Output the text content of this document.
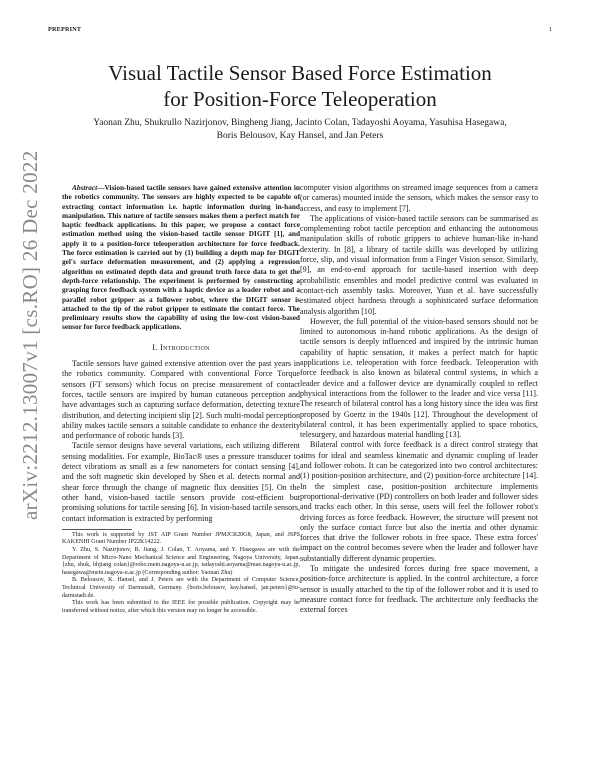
PREPRINT	1
arXiv:2212.13007v1 [cs.RO] 26 Dec 2022
Visual Tactile Sensor Based Force Estimation
for Position-Force Teleoperation
Yaonan Zhu, Shukrullo Nazirjonov, Bingheng Jiang, Jacinto Colan, Tadayoshi Aoyama, Yasuhisa Hasegawa,
Boris Belousov, Kay Hansel, and Jan Peters

Abstract—Vision-based tactile sensors have gained extensive attention in the robotics community. The sensors are highly expected to be capable of extracting contact information i.e. haptic information during in-hand manipulation. This nature of tactile sensors makes them a perfect match for haptic feedback applications. In this paper, we propose a contact force estimation method using the vision-based tactile sensor DIGIT [1], and apply it to a position-force teleoperation architecture for force feedback. The force estimation is carried out by (1) building a depth map for DIGIT gel's surface deformation measurement, and (2) applying a regression algorithm on estimated depth data and ground truth force data to get the depth-force relationship. The experiment is performed by constructing a grasping force feedback system with a haptic device as a leader robot and a parallel robot gripper as a follower robot, where the DIGIT sensor is attached to the tip of the robot gripper to estimate the contact force. The preliminary results show the capability of using the low-cost vision-based sensor for force feedback applications.

I. Introduction

Tactile sensors have gained extensive attention over the past years in the robotics community. Compared with conventional Force Torque sensors (FT sensors) which focus on precise measurement of contact forces, tactile sensors are inspired by human cutaneous perception and have advantages such as capturing surface deformation, detecting texture distribution, and detecting incipient slip [2]. Such multi-modal perception ability makes tactile sensors a suitable candidate to enhance the dexterity and performance of robotic hands [3].

Tactile sensor designs have several variations, each utilizing different sensing modalities. For example, BioTac® uses a pressure transducer to detect vibrations as small as a few nanometers for contact sensing [4], and the soft magnetic skin developed by Shen et al. detects normal and shear force through the change of magnetic flux densities [5]. On the other hand, vision-based tactile sensors provide cost-efficient but promising solutions for tactile sensing [6]. In vision-based tactile sensors, contact information is extracted by performing

This work is supported by JST AIP Grant Number JPMJCR20G8, Japan, and JSPS KAKENHI Grant Number JP22K14222.

Y. Zhu, S. Nazirjonov, B. Jiang, J. Colan, T. Aoyama, and Y. Hasegawa are with the Department of Micro-Nano Mechanical Science and Engineering, Nagoya University, Japan. {zhu, shuk, bhjiang colan}@robo.mein.nagoya-u.ac.jp, tadayoshi.aoyama@mae.nagoya-u.ac.jp, hasegawa@mein.nagoya-u.ac.jp (Corresponding author: Yaonan Zhu)

B. Belousov, K. Hansel, and J. Peters are with the Department of Computer Science, Technical University of Darmstadt, Germany. {boris.belousov, kay.hansel, jan.peters}@tu-darmstadt.de.

This work has been submitted to the IEEE for possible publication. Copyright may be transferred without notice, after which this version may no longer be accessible.

computer vision algorithms on streamed image sequences from a camera (or cameras) mounted inside the sensors, which makes the sensor easy to access, and easy to implement [7].

The applications of vision-based tactile sensors can be summarised as complementing robot tactile perception and enhancing the autonomous manipulation skills of robotic grippers to achieve human-like in-hand dexterity. In [8], a library of tactile skills was developed by utilizing force, slip, and visual information from a Finger Vision sensor. Similarly, [9], an end-to-end approach for tactile-based insertion with deep probabilistic ensembles and model predictive control was evaluated in contact-rich assembly tasks. Moreover, Yuan et al. have successfully estimated object hardness through a sophisticated surface deformation analysis algorithm [10].

However, the full potential of the vision-based sensors should not be limited to autonomous in-hand robotic applications. As the design of tactile sensors is deeply influenced and inspired by the intrinsic human capability of haptic sensation, it makes a perfect match for haptic applications i.e. teleoperation with force feedback. Teleoperation with force feedback is also known as bilateral control systems, in which a leader device and a follower device are dynamically coupled to reflect physical interactions from the follower to the leader and vice versa [11]. The research of bilateral control has a long history since the idea was first proposed by Goertz in the 1940s [12]. Throughout the development of bilateral control, it has been experimentally applied to space robotics, telesurgery, and hazardous material handling [13].

Bilateral control with force feedback is a direct control strategy that aims for ideal and seamless kinematic and dynamic coupling of leader and follower robots. It can be categorized into two control architectures: (1) position-position architecture, and (2) position-force architecture [14]. In the simplest case, position-position architecture implements proportional-derivative (PD) controllers on both leader and follower sides and tracks each other. In this sense, users will feel the follower robot's driving forces as force feedback. However, the structure will present not only the surface contact force but also the inertia and other dynamic forces that drive the follower robots in free space. These extra forces' impact on the control becomes severe when the leader and follower have substantially different dynamic properties.

To mitigate the undesired forces during free space movement, a position-force architecture is applied. In the control architecture, a force sensor is usually attached to the tip of the follower robot and it is used to measure contact force for feedback. The architecture only feedbacks the external forces
